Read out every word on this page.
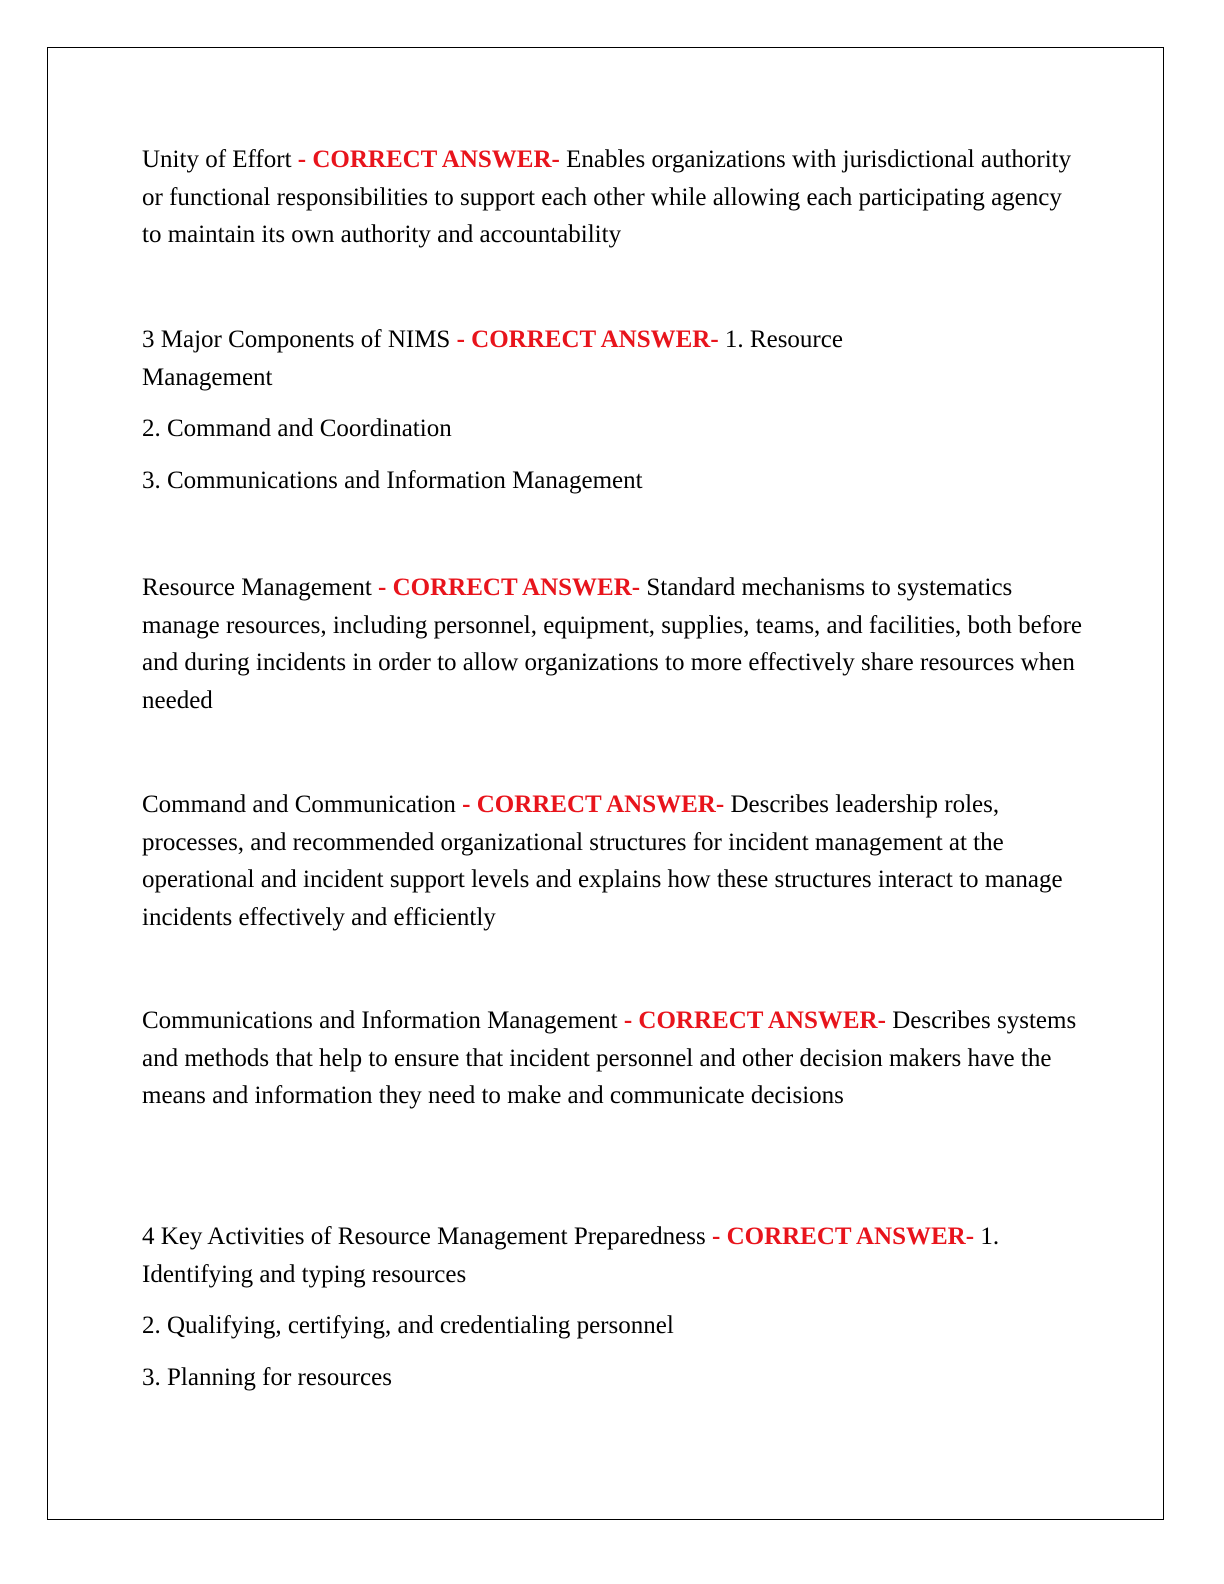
Unity of Effort - CORRECT ANSWER- Enables organizations with jurisdictional authority or functional responsibilities to support each other while allowing each participating agency to maintain its own authority and accountability

3 Major Components of NIMS - CORRECT ANSWER- 1. Resource Management

2. Command and Coordination

3. Communications and Information Management

Resource Management - CORRECT ANSWER- Standard mechanisms to systematics manage resources, including personnel, equipment, supplies, teams, and facilities, both before and during incidents in order to allow organizations to more effectively share resources when needed

Command and Communication - CORRECT ANSWER- Describes leadership roles, processes, and recommended organizational structures for incident management at the operational and incident support levels and explains how these structures interact to manage incidents effectively and efficiently

Communications and Information Management - CORRECT ANSWER- Describes systems and methods that help to ensure that incident personnel and other decision makers have the means and information they need to make and communicate decisions

4 Key Activities of Resource Management Preparedness - CORRECT ANSWER- 1. Identifying and typing resources

2. Qualifying, certifying, and credentialing personnel

3. Planning for resources
